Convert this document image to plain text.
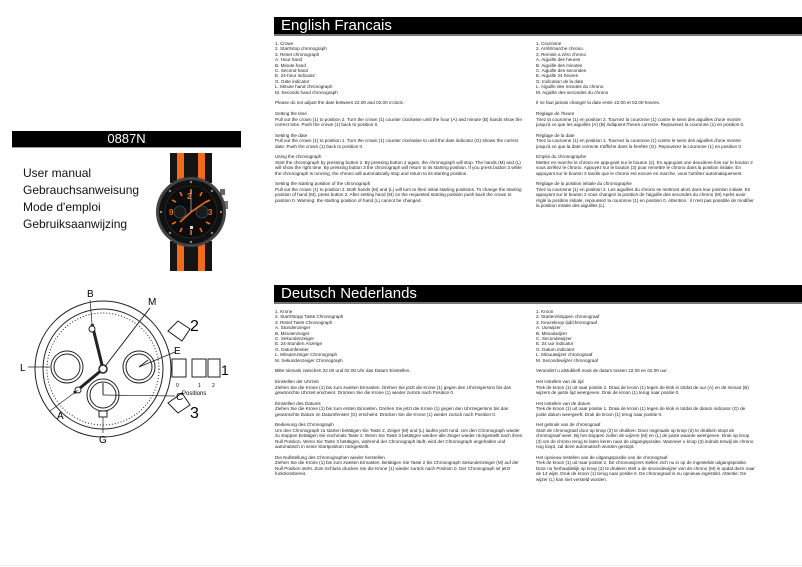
English Francais
1. Crown
2. Start/stop chronograph
3. Reset chronograph
A. Hour hand
B. Minute hand
C. Second hand
E. 24-hour indicator
G. Date indicator
L. Minute hand chronograph
M. Seconds hand chronograph

Please do not adjust the date between 22.00 and 02.00 o'clock.

Setting the time

Pull out the crown (1) to position 2. Turn the crown (1) counter clockwise until the hour (A) and minute (B) hands show the correct time. Push the crown (1) back to position 0.

Setting the date

Pull out the crown (1) to position 1. Turn the crown (1) counter clockwise to until the date indicator (G) shows the correct date. Push the crown (1) back to position 0.

Using the chronograph

Start the chronograph by pressing button 2. By pressing button 2 again, the chronograph will stop. The hands (M) and (L) will show the right time. By pressing button 3 the chronograph will return to its starting position. If you press button 3 while the chronograph is running, the chrono will automatically stop and return to its starting position.

Setting the starting position of the chronograph

Pull out the crown (1) to position 2. Both hands (M) and (L) will turn to their initial starting positions. To change the starting position of hand (M), press button 2. After setting hand (M) on the requested starting position push back the crown to position 0. Warning: the starting position of hand (L) cannot be changed.

1. Couronne
2. Arrêt/marche chrono.
3. Remise a zéro chrono
A. Aiguille des heures
B. Aiguille des minutes
C. Aiguille des secondes
E. Aiguille 24 heures
G. Indication de la date
L. Aiguille des minutes du chrono
M. Aiguille des secondes du chrono

Il ne faut jamais changer la date entre 22.00 et 02.00 heures.

Réglage de l'heure

Tirez la couronne (1) en position 2. Tournez la couronne (1) contre le sens des aiguilles d'une montre jusqu'à ce que les aiguilles (A) (B) indiquent l'heure correcte. Repoussez la couronne (1) en position 0.

Réglage de la date

Tirez la couronne (1) en position 1. Tournez la couronne (1) contre le sens des aiguilles d'une montre jusqu'à ce que la date correcte s'affiche dans la fenêtre (G). Repoussez la couronne (1) en position 0.

Emploi du chronographe

Mettez en marche le chrono en appuyant sur le bouton (2). En appuyant une deuxième fois sur le bouton 2 vous arrêtez le chrono. Appuyez sur le bouton (3) pour remettre le chrono dans la position initiale. En appuyant sur le bouton 3 tandis que le chrono est encore en marche, vous l'arrêtez automatiquement.

Réglage de la position initiale du chronographe

Tirez la couronne (1) en position 2. Les aiguilles du chrono se mettront alors dans leur position initiale. En appuyant sur le bouton 2 vous changez la position de l'aiguille des secondes du chrono (M) Après avoir réglé la position initiale, repoussez la couronne (1) en position 0. Attention : il n'est pas possible de modifier la position initiale des aiguilles (L).

0887N
User manual
Gebrauchsanweisung
Mode d'emploi
Gebruiksaanwijzing
2
9	3
B
M
L
E
C
A
G
2
3
1
0	1 2
Positions
Deutsch Nederlands
1. Krone
2. Start/Stopp Taste Chronograph
3. Reset Taste Chronograph
A. Stundenzeiger
B. Minutenzeiger
C. Sekundenzeiger
E. 24-Stunden Anzeige
G. Datumfenster
L. Minutenzeiger Chronograph
M. Sekundenzeiger Chronograph

Bitte niemals zwischen 22.00 und 02.00 Uhr das Datum Einstellen.

Einstellen der Uhrzeit

Ziehen Sie die Krone (1) bis zum zweiten Einrasten. Drehen Sie jetzt die Krone (1) gegen den Uhrzeigersinn bis das gewünschte Uhrzeit erscheint. Drücken Sie die Krone (1) wieder zurück nach Position 0.

Einstellen des Datums

Ziehen Sie die Krone (1) bis zum ersten Einrasten. Drehen Sie jetzt die Krone (1) gegen den Uhrzeigersinn bis das gewünschte Datum im Datumfenster (G) erscheint. Drücken Sie die Krone (1) wieder zurück nach Position 0.

Bedienung des Chronograph

Um den Chronograph zu starten betätigen Sie Taste 2. Zeiger (M) und (L) laufen jetzt rund. Um den Chronograph wieder zu stoppen betätigen Sie nochmals Taste 2. Wenn Sie Taste 3 betätigen werden alle Zeiger wieder rückgestellt nach ihren Null Position. Wenn Sie Taste 3 betätigen, während der Chronograph läuft, wird der Chronograph angehalten und automatisch in seine Startposition rückgestellt.

Die Nullstellung des Chronographen wieder herstellen

Ziehen Sie die Krone (1) bis zum zweiten Einrasten. Betätigen Sie Taste 2 bis Chronograph Sekundenzeiger (M) auf der Null Position steht. Zum Schluss drucken Sie die Krone (1) wieder zurück nach Position 0. Der Chronograph ist jetzt funktionsbereit.

1. Kroon
2. Starten/stoppen chronograaf
3. Keuzeknop tijd/chronograaf
A. Uurwijzer
B. Minuutwijzer
C. Secondewijzer
E. 24 uur indicator
G. Datum indicator
L. Minuutwijzer chronograaf
M. Secondewijzer chronograaf

Verandert u alstublieft nooit de datum tussen 22.00 en 02.00 uur.

Het instellen van de tijd

Trek de kroon (1) uit naar positie 2. Draai de kroon (1) tegen de klok in totdat de uur (A) en de minuut (B) wijzers de juiste tijd weergeven. Druk de kroon (1) terug naar positie 0.

Het instellen van de datum

Trek de kroon (1) uit naar positie 1. Draai de kroon (1) tegen de klok in totdat de datum indicator (G) de juiste datum weergeeft. Druk de kroon (1) terug naar positie 0.

Het gebruik van de chronograaf

Start de chronograaf door op knop (2) te drukken. Door nogmaals op knop (2) te drukken stopt de chronograaf weer. Bij het stoppen zullen de wijzers (M) en (L) de juiste waarde weergeven. Druk op knop (3) om de chrono terug te laten keren naar de uitgangspositie. Wanneer u knop (3) indrukt terwijl de chrono nog loopt, zal deze automatisch worden gestopt.

Het opnieuw instellen van de uitgangspositie van de chronograaf

Trek de kroon (1) uit naar positie 2. De chronowijzers stellen zich nu in op de ingestelde uitgangspositie. Door nu herhaaldelijk op knop (2) te drukken stelt u de secondewijzer van de chrono (M) in opdat deze naar de 12 wijst. Druk de kroon (1) terug naar positie 0. De chronograaf is nu opnieuw ingesteld. Attentie: De wijzer (L) kan niet versteld worden.
